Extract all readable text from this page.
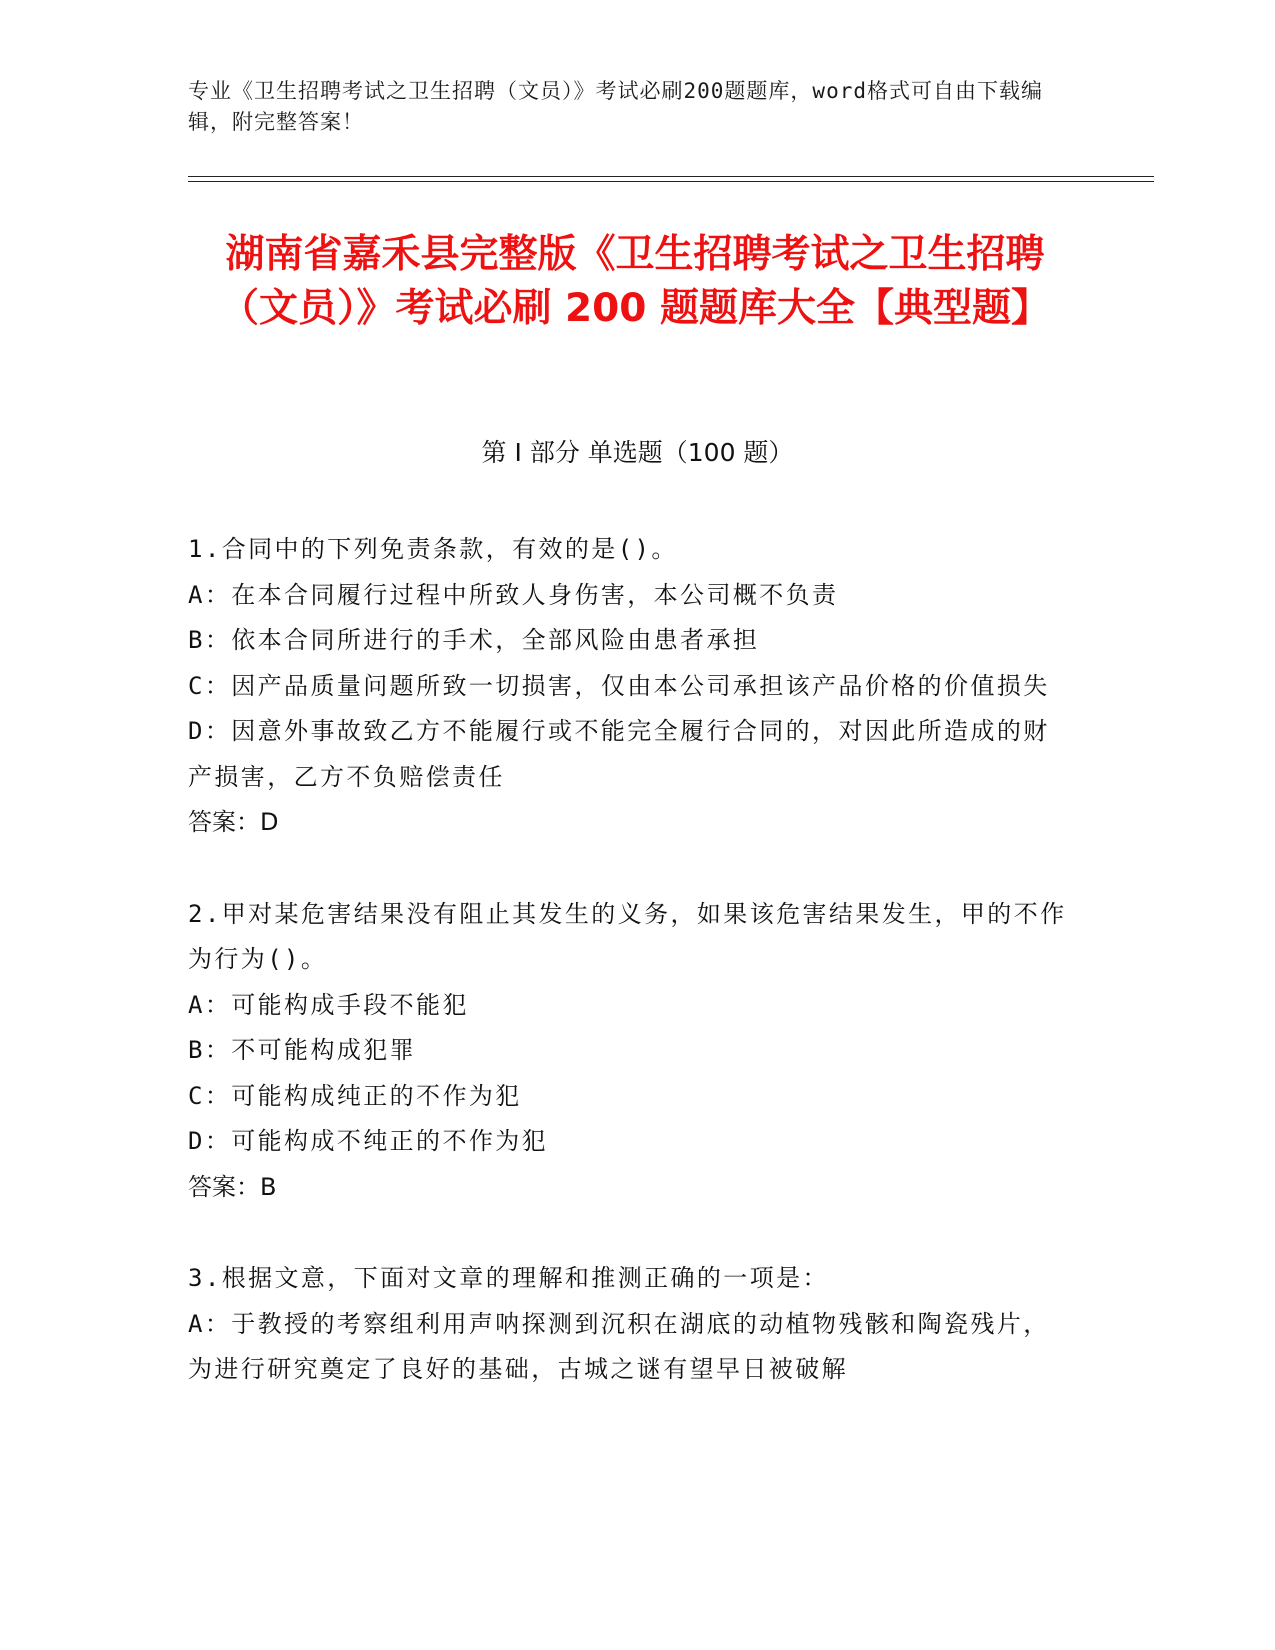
专业《卫生招聘考试之卫生招聘（文员）》考试必刷200题题库，word格式可自由下载编辑，附完整答案！
湖南省嘉禾县完整版《卫生招聘考试之卫生招聘（文员）》考试必刷 200 题题库大全【典型题】
第 I 部分 单选题（100 题）
1.合同中的下列免责条款，有效的是()。
A：在本合同履行过程中所致人身伤害，本公司概不负责
B：依本合同所进行的手术，全部风险由患者承担
C：因产品质量问题所致一切损害，仅由本公司承担该产品价格的价值损失
D：因意外事故致乙方不能履行或不能完全履行合同的，对因此所造成的财产损害，乙方不负赔偿责任
答案：D
2.甲对某危害结果没有阻止其发生的义务，如果该危害结果发生，甲的不作为行为()。
A：可能构成手段不能犯
B：不可能构成犯罪
C：可能构成纯正的不作为犯
D：可能构成不纯正的不作为犯
答案：B
3.根据文意，下面对文章的理解和推测正确的一项是：
A：于教授的考察组利用声呐探测到沉积在湖底的动植物残骸和陶瓷残片，为进行研究奠定了良好的基础，古城之谜有望早日被破解
